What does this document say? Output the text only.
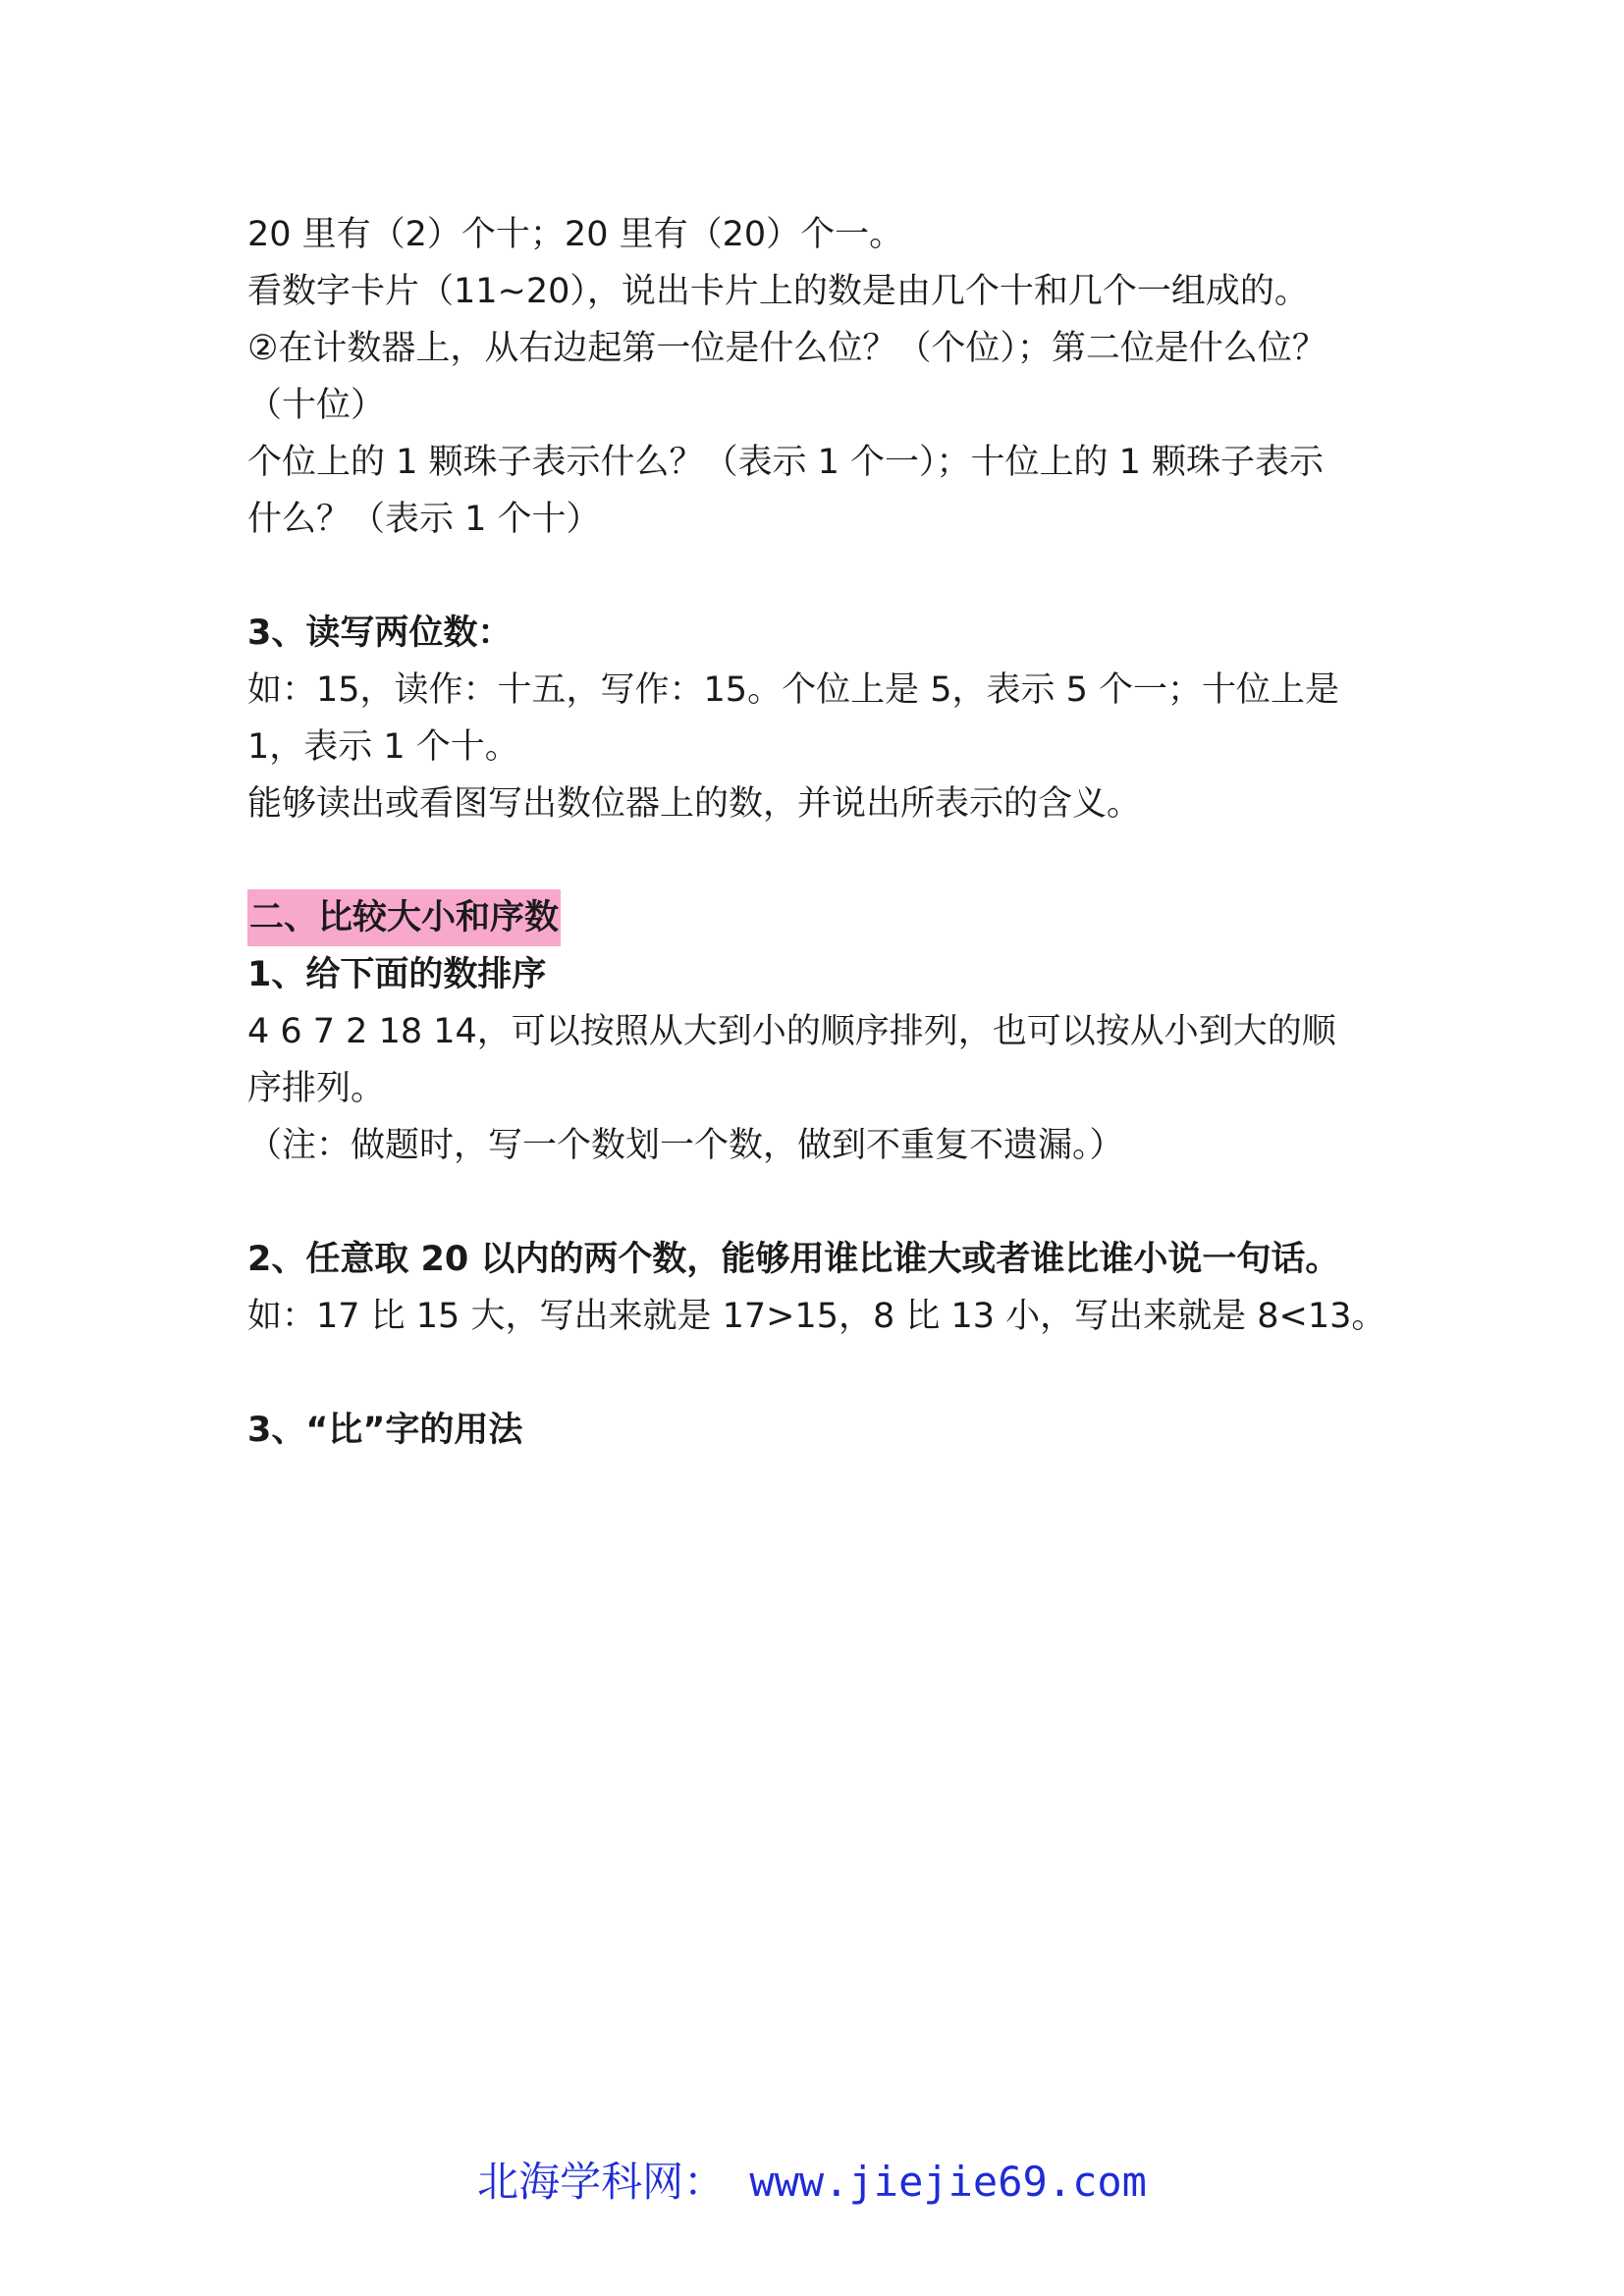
20 里有（2）个十；20 里有（20）个一。

看数字卡片（11~20），说出卡片上的数是由几个十和几个一组成的。

②在计数器上，从右边起第一位是什么位？（个位）；第二位是什么位？

（十位）

个位上的 1 颗珠子表示什么？（表示 1 个一）；十位上的 1 颗珠子表示

什么？（表示 1 个十）

3、读写两位数：

如：15，读作：十五，写作：15。个位上是 5，表示 5 个一；十位上是

1，表示 1 个十。

能够读出或看图写出数位器上的数，并说出所表示的含义。

二、比较大小和序数

1、给下面的数排序

4 6 7 2 18 14，可以按照从大到小的顺序排列，也可以按从小到大的顺

序排列。

（注：做题时，写一个数划一个数，做到不重复不遗漏。）

2、任意取 20 以内的两个数，能够用谁比谁大或者谁比谁小说一句话。

如：17 比 15 大，写出来就是 17>15，8 比 13 小，写出来就是 8<13。

3、“比”字的用法

北海学科网： www.jiejie69.com
